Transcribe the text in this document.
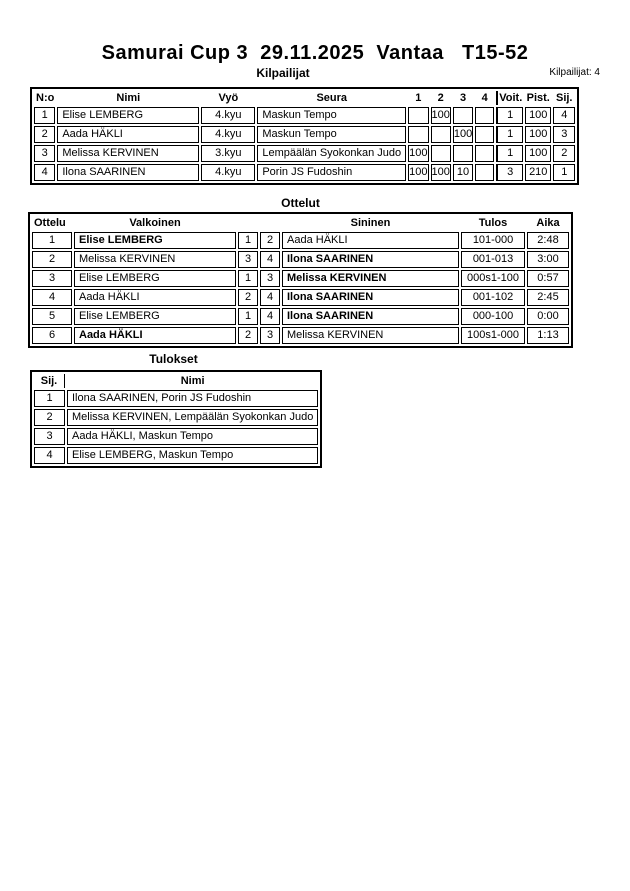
Samurai Cup 3  29.11.2025  Vantaa   T15-52
Kilpailijat: 4
Kilpailijat
N:o	Nimi	Vyö	Seura	1	2	3	4	Voit.	Pist.	Sij.
1	Elise LEMBERG	4.kyu	Maskun Tempo		100			1	100	4
2	Aada HÄKLI	4.kyu	Maskun Tempo			100		1	100	3
3	Melissa KERVINEN	3.kyu	Lempäälän Syokonkan Judo	100				1	100	2
4	Ilona SAARINEN	4.kyu	Porin JS Fudoshin	100	100	10		3	210	1
Ottelut
Ottelu	Valkoinen			Sininen	Tulos	Aika
1	Elise LEMBERG	1	2	Aada HÄKLI	101-000	2:48
2	Melissa KERVINEN	3	4	Ilona SAARINEN	001-013	3:00
3	Elise LEMBERG	1	3	Melissa KERVINEN	000s1-100	0:57
4	Aada HÄKLI	2	4	Ilona SAARINEN	001-102	2:45
5	Elise LEMBERG	1	4	Ilona SAARINEN	000-100	0:00
6	Aada HÄKLI	2	3	Melissa KERVINEN	100s1-000	1:13
Tulokset
Sij.	Nimi
1	Ilona SAARINEN, Porin JS Fudoshin
2	Melissa KERVINEN, Lempäälän Syokonkan Judo
3	Aada HÄKLI, Maskun Tempo
4	Elise LEMBERG, Maskun Tempo
